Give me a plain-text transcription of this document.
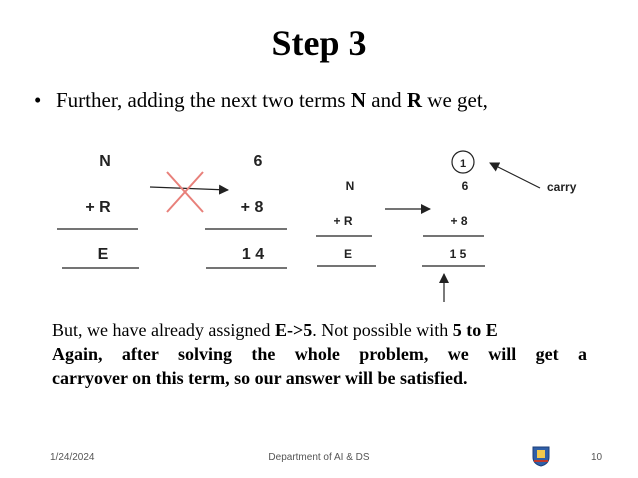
Step 3
• Further, adding the next two terms N and R we get,
N
+ R
E
6
+ 8
1 4
N
+ R
E
6
+ 8
1 5
1
carry
But, we have already assigned E->5. Not possible with 5 to E
Again, after solving the whole problem, we will get a
carryover on this term, so our answer will be satisfied.
1/24/2024	Department of AI & DS	10
